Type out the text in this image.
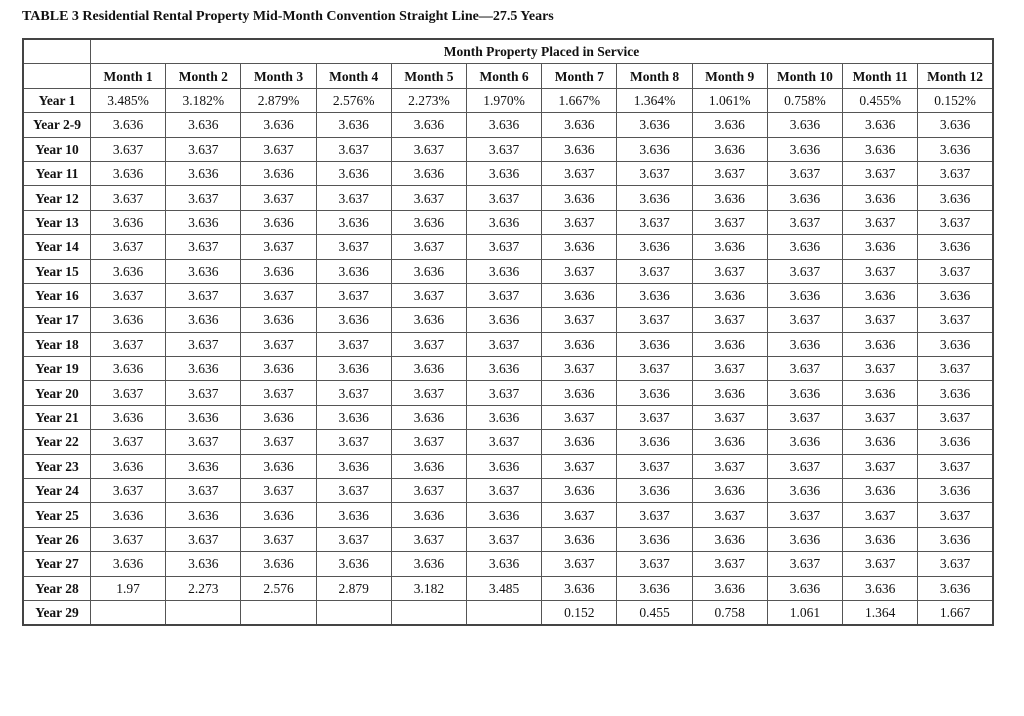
TABLE 3 Residential Rental Property Mid-Month Convention Straight Line—27.5 Years
	Month Property Placed in Service											
	Month 1	Month 2	Month 3	Month 4	Month 5	Month 6	Month 7	Month 8	Month 9	Month 10	Month 11	Month 12
Year 1	3.485%	3.182%	2.879%	2.576%	2.273%	1.970%	1.667%	1.364%	1.061%	0.758%	0.455%	0.152%
Year 2-9	3.636	3.636	3.636	3.636	3.636	3.636	3.636	3.636	3.636	3.636	3.636	3.636
Year 10	3.637	3.637	3.637	3.637	3.637	3.637	3.636	3.636	3.636	3.636	3.636	3.636
Year 11	3.636	3.636	3.636	3.636	3.636	3.636	3.637	3.637	3.637	3.637	3.637	3.637
Year 12	3.637	3.637	3.637	3.637	3.637	3.637	3.636	3.636	3.636	3.636	3.636	3.636
Year 13	3.636	3.636	3.636	3.636	3.636	3.636	3.637	3.637	3.637	3.637	3.637	3.637
Year 14	3.637	3.637	3.637	3.637	3.637	3.637	3.636	3.636	3.636	3.636	3.636	3.636
Year 15	3.636	3.636	3.636	3.636	3.636	3.636	3.637	3.637	3.637	3.637	3.637	3.637
Year 16	3.637	3.637	3.637	3.637	3.637	3.637	3.636	3.636	3.636	3.636	3.636	3.636
Year 17	3.636	3.636	3.636	3.636	3.636	3.636	3.637	3.637	3.637	3.637	3.637	3.637
Year 18	3.637	3.637	3.637	3.637	3.637	3.637	3.636	3.636	3.636	3.636	3.636	3.636
Year 19	3.636	3.636	3.636	3.636	3.636	3.636	3.637	3.637	3.637	3.637	3.637	3.637
Year 20	3.637	3.637	3.637	3.637	3.637	3.637	3.636	3.636	3.636	3.636	3.636	3.636
Year 21	3.636	3.636	3.636	3.636	3.636	3.636	3.637	3.637	3.637	3.637	3.637	3.637
Year 22	3.637	3.637	3.637	3.637	3.637	3.637	3.636	3.636	3.636	3.636	3.636	3.636
Year 23	3.636	3.636	3.636	3.636	3.636	3.636	3.637	3.637	3.637	3.637	3.637	3.637
Year 24	3.637	3.637	3.637	3.637	3.637	3.637	3.636	3.636	3.636	3.636	3.636	3.636
Year 25	3.636	3.636	3.636	3.636	3.636	3.636	3.637	3.637	3.637	3.637	3.637	3.637
Year 26	3.637	3.637	3.637	3.637	3.637	3.637	3.636	3.636	3.636	3.636	3.636	3.636
Year 27	3.636	3.636	3.636	3.636	3.636	3.636	3.637	3.637	3.637	3.637	3.637	3.637
Year 28	1.97	2.273	2.576	2.879	3.182	3.485	3.636	3.636	3.636	3.636	3.636	3.636
Year 29							0.152	0.455	0.758	1.061	1.364	1.667
